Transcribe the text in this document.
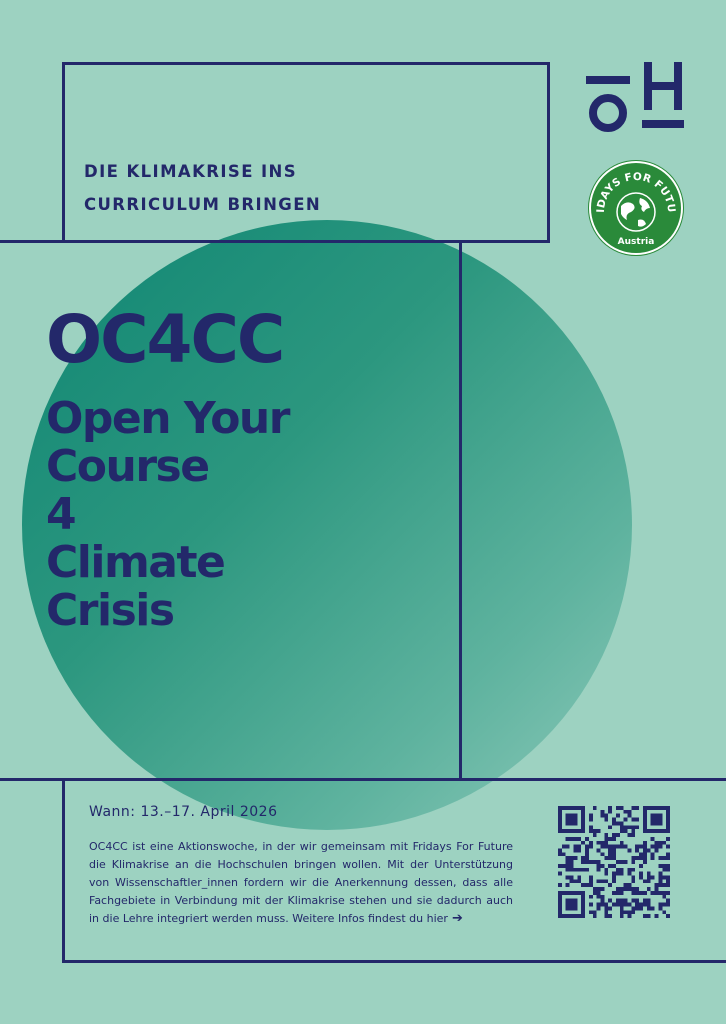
ÖH
IDAYS FOR FUTU
Austria
DIE KLIMAKRISE INS
CURRICULUM BRINGEN
OC4CC
Open Your
Course
4
Climate
Crisis
Wann: 13.–17. April 2026
OC4CC ist eine Aktionswoche, in der wir gemeinsam mit Fridays For Future die Klimakrise an die Hochschulen bringen wollen. Mit der Unterstützung von Wissenschaftler_innen fordern wir die Anerkennung dessen, dass alle Fachgebiete in Verbindung mit der Klimakrise stehen und sie dadurch auch in die Lehre integriert werden muss. Weitere Infos findest du hier ➔
